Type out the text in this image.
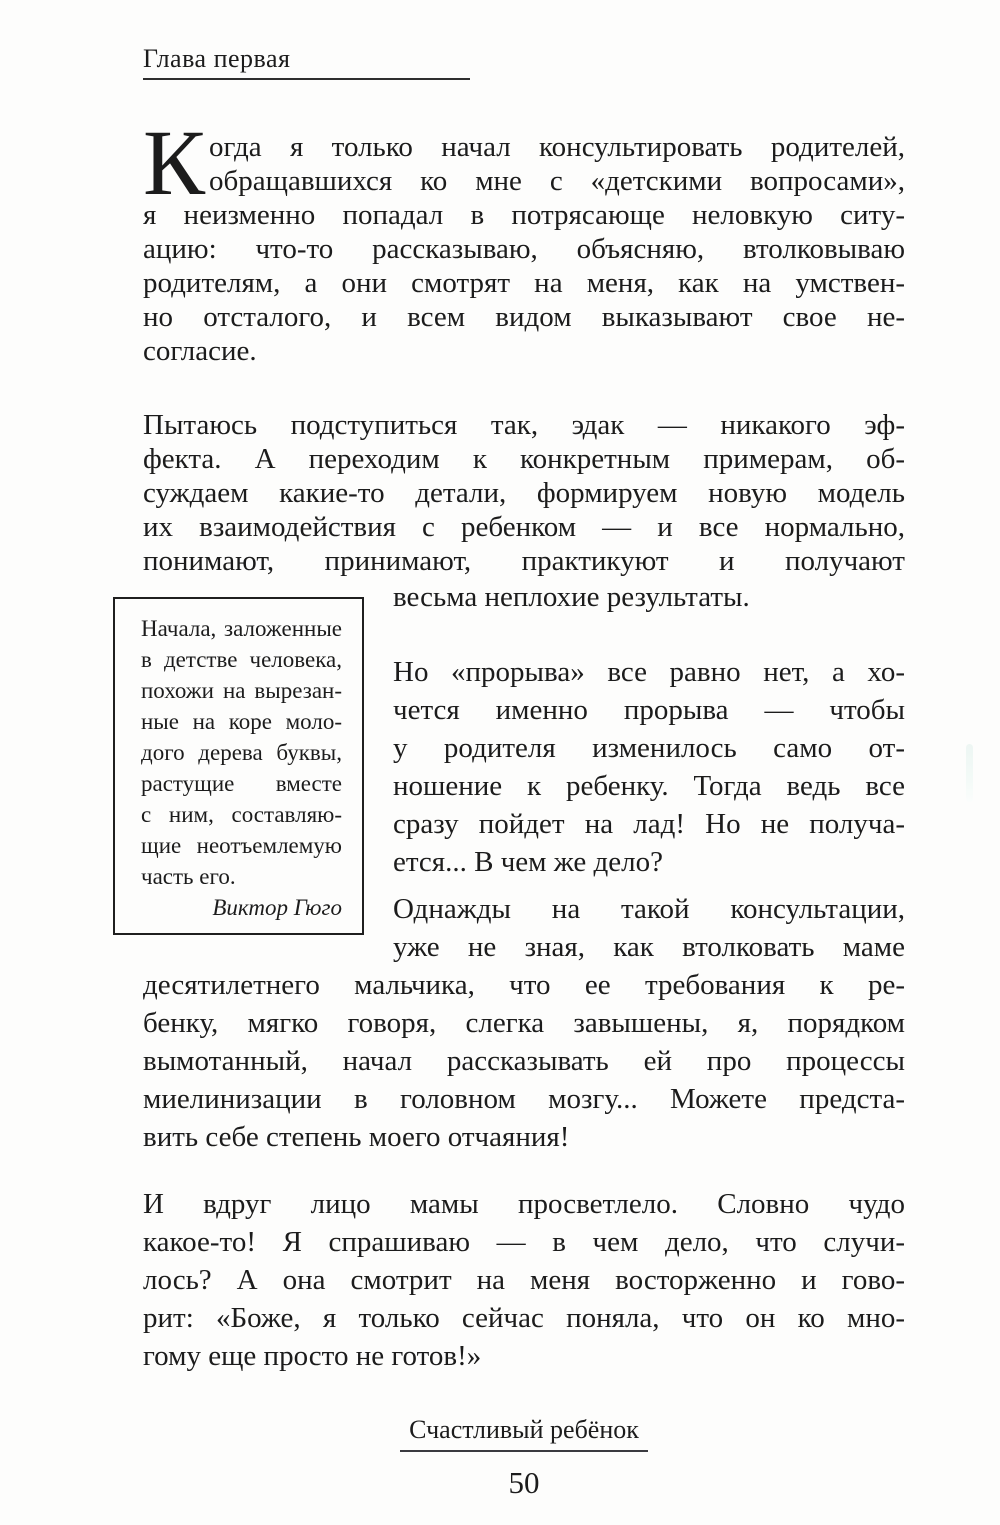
Глава первая
К огда я только начал консультировать родителей,
обращавшихся ко мне с «детскими вопросами»,
я неизменно попадал в потрясающе неловкую ситу-
ацию: что-то рассказываю, объясняю, втолковываю
родителям, а они смотрят на меня, как на умствен-
но отсталого, и всем видом выказывают свое не-
согласие.
Пытаюсь подступиться так, эдак — никакого эф-
фекта. А переходим к конкретным примерам, об-
суждаем какие-то детали, формируем новую модель
их взаимодействия с ребенком — и все нормально,
понимают, принимают, практикуют и получают
Начала, заложенные
в детстве человека,
похожи на вырезан-
ные на коре моло-
дого дерева буквы,
растущие вместе
с ним, составляю-
щие неотъемлемую
часть его.
Виктор Гюго
весьма неплохие результаты.
Но «прорыва» все равно нет, а хо-
чется именно прорыва — чтобы
у родителя изменилось само от-
ношение к ребенку. Тогда ведь все
сразу пойдет на лад! Но не получа-
ется... В чем же дело?
Однажды на такой консультации,
уже не зная, как втолковать маме
десятилетнего мальчика, что ее требования к ре-
бенку, мягко говоря, слегка завышены, я, порядком
вымотанный, начал рассказывать ей про процессы
миелинизации в головном мозгу... Можете предста-
вить себе степень моего отчаяния!
И вдруг лицо мамы просветлело. Словно чудо
какое-то! Я спрашиваю — в чем дело, что случи-
лось? А она смотрит на меня восторженно и гово-
рит: «Боже, я только сейчас поняла, что он ко мно-
гому еще просто не готов!»
Счастливый ребёнок
50
